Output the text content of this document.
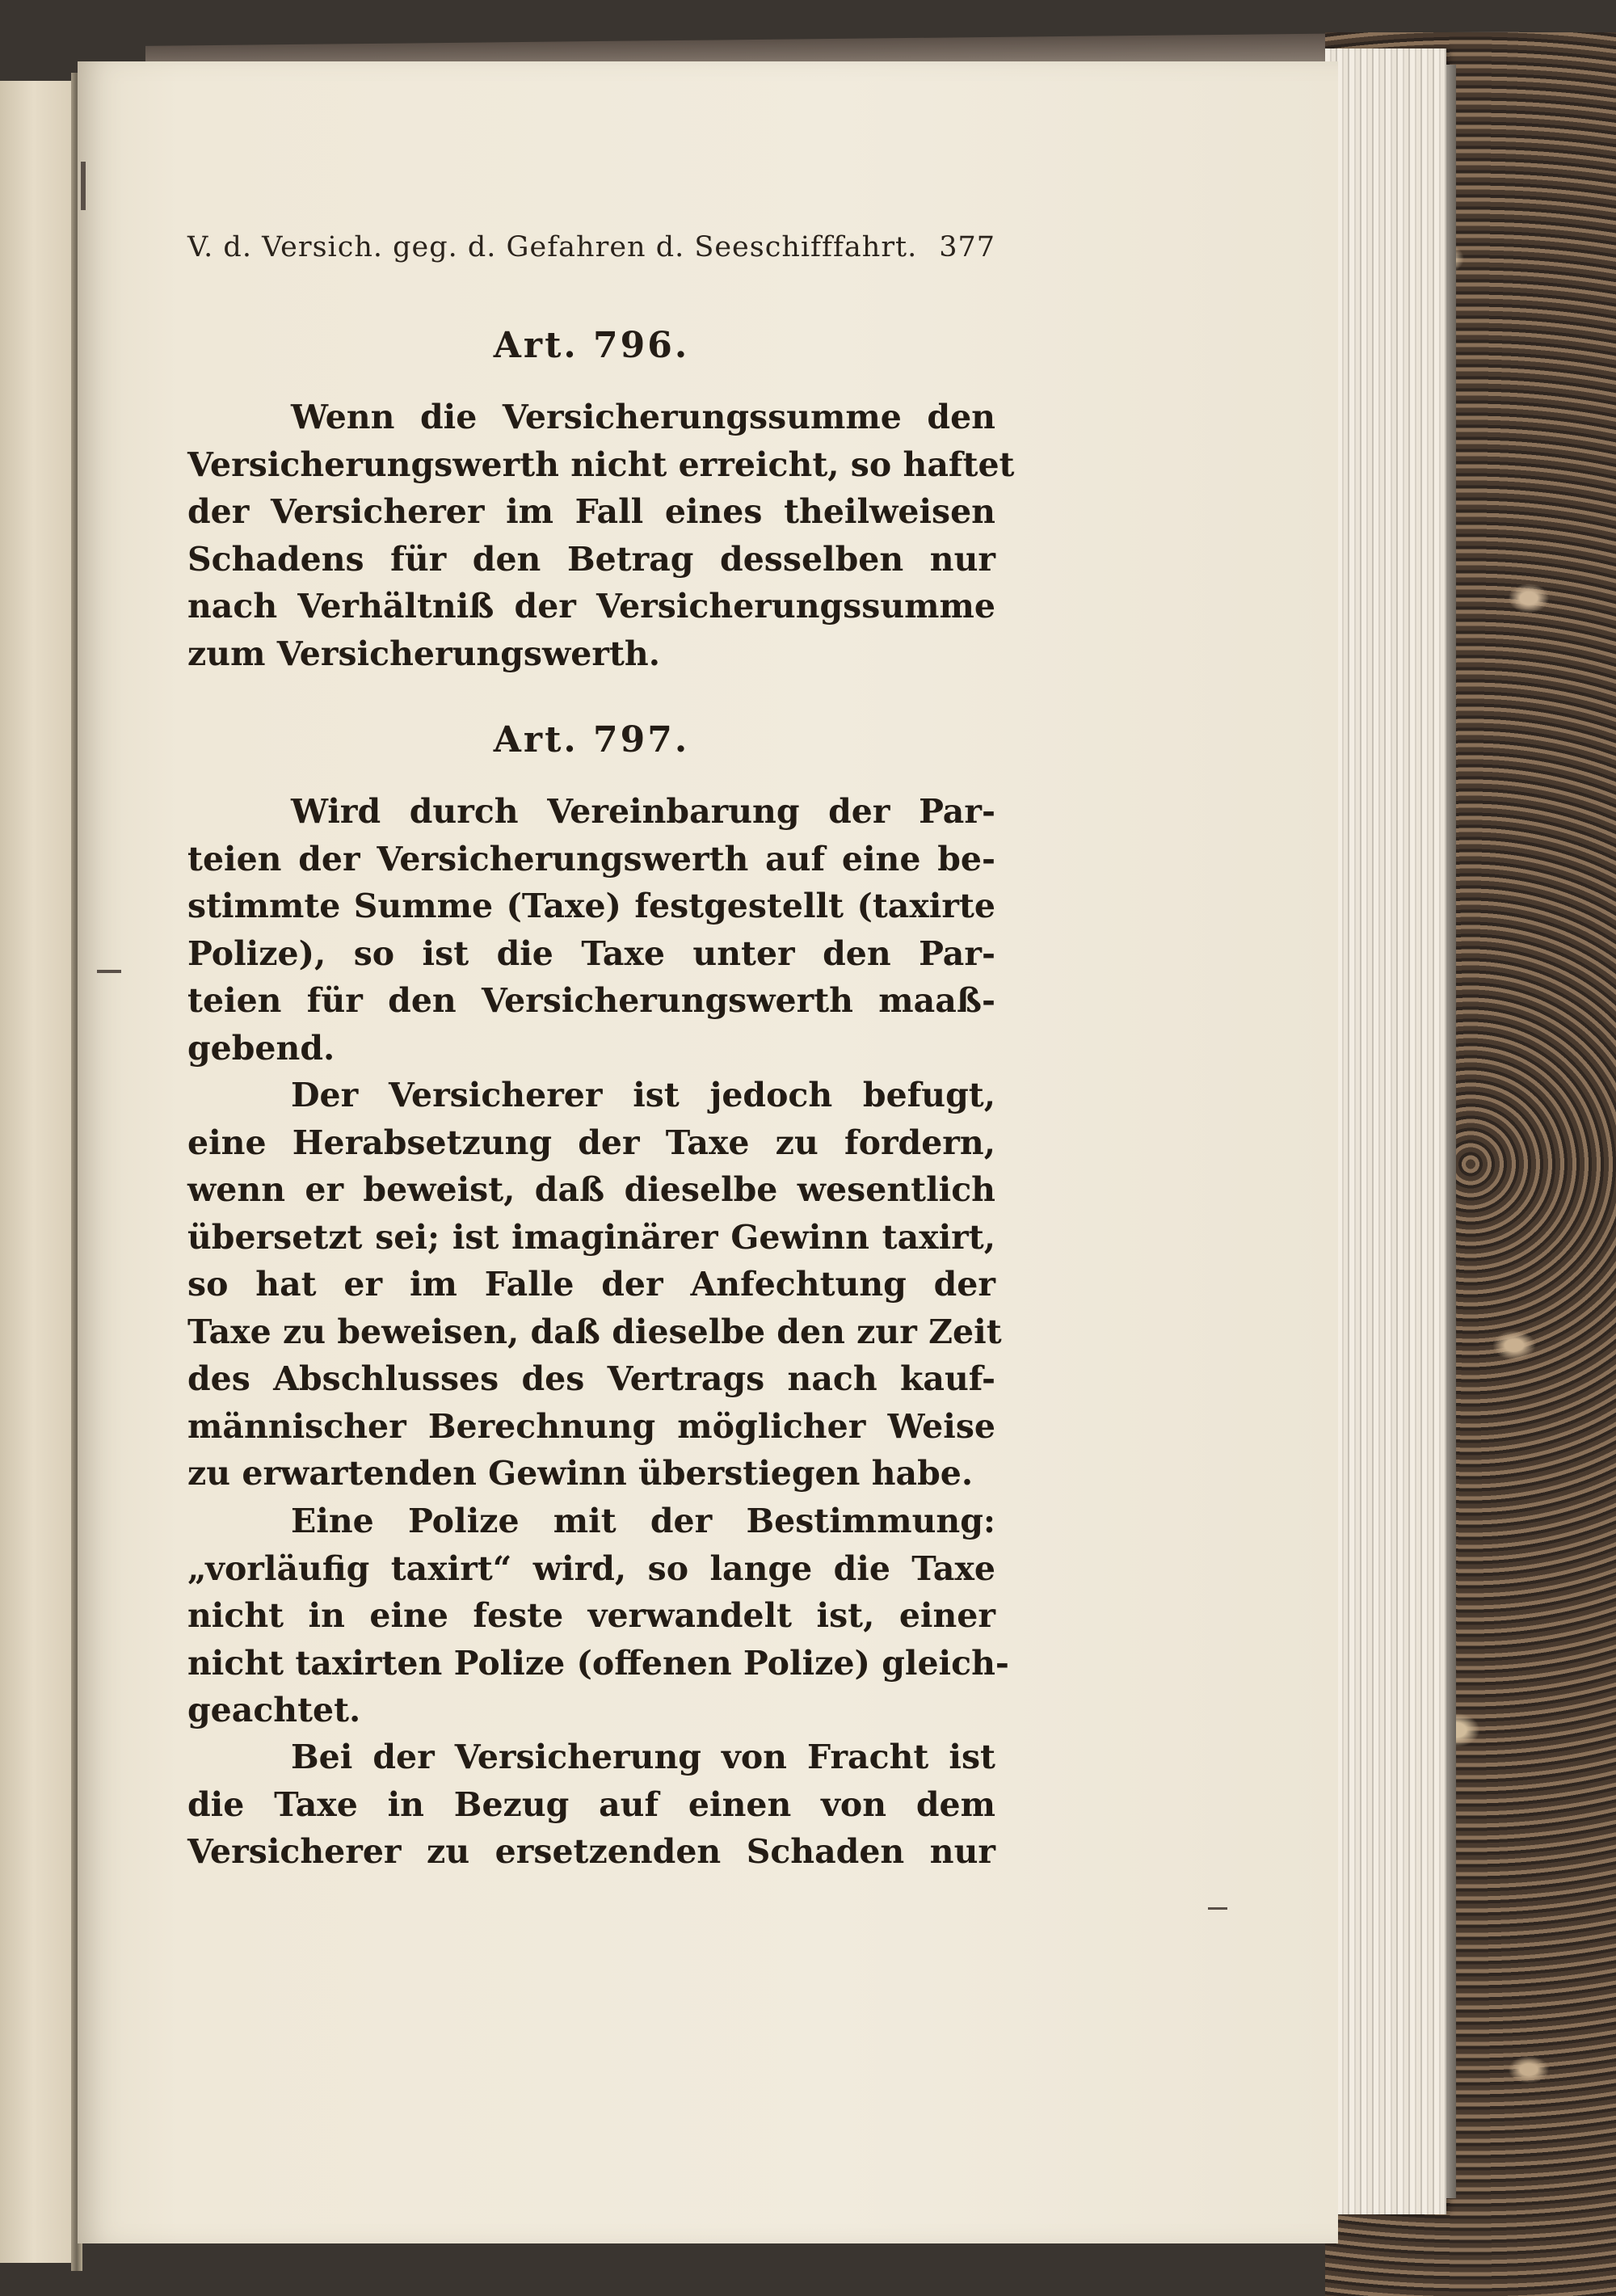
V. d. Versich. geg. d. Gefahren d. Seeschifffahrt. 377
Art. 796.
Wenn die Versicherungssumme den
Versicherungswerth nicht erreicht, so haftet
der Versicherer im Fall eines theilweisen
Schadens für den Betrag desselben nur
nach Verhältniß der Versicherungssumme
zum Versicherungswerth.
Art. 797.
Wird durch Vereinbarung der Par-
teien der Versicherungswerth auf eine be-
stimmte Summe (Taxe) festgestellt (taxirte
Polize), so ist die Taxe unter den Par-
teien für den Versicherungswerth maaß-
gebend.
Der Versicherer ist jedoch befugt,
eine Herabsetzung der Taxe zu fordern,
wenn er beweist, daß dieselbe wesentlich
übersetzt sei; ist imaginärer Gewinn taxirt,
so hat er im Falle der Anfechtung der
Taxe zu beweisen, daß dieselbe den zur Zeit
des Abschlusses des Vertrags nach kauf-
männischer Berechnung möglicher Weise
zu erwartenden Gewinn überstiegen habe.
Eine Polize mit der Bestimmung:
„vorläufig taxirt“ wird, so lange die Taxe
nicht in eine feste verwandelt ist, einer
nicht taxirten Polize (offenen Polize) gleich-
geachtet.
Bei der Versicherung von Fracht ist
die Taxe in Bezug auf einen von dem
Versicherer zu ersetzenden Schaden nur
